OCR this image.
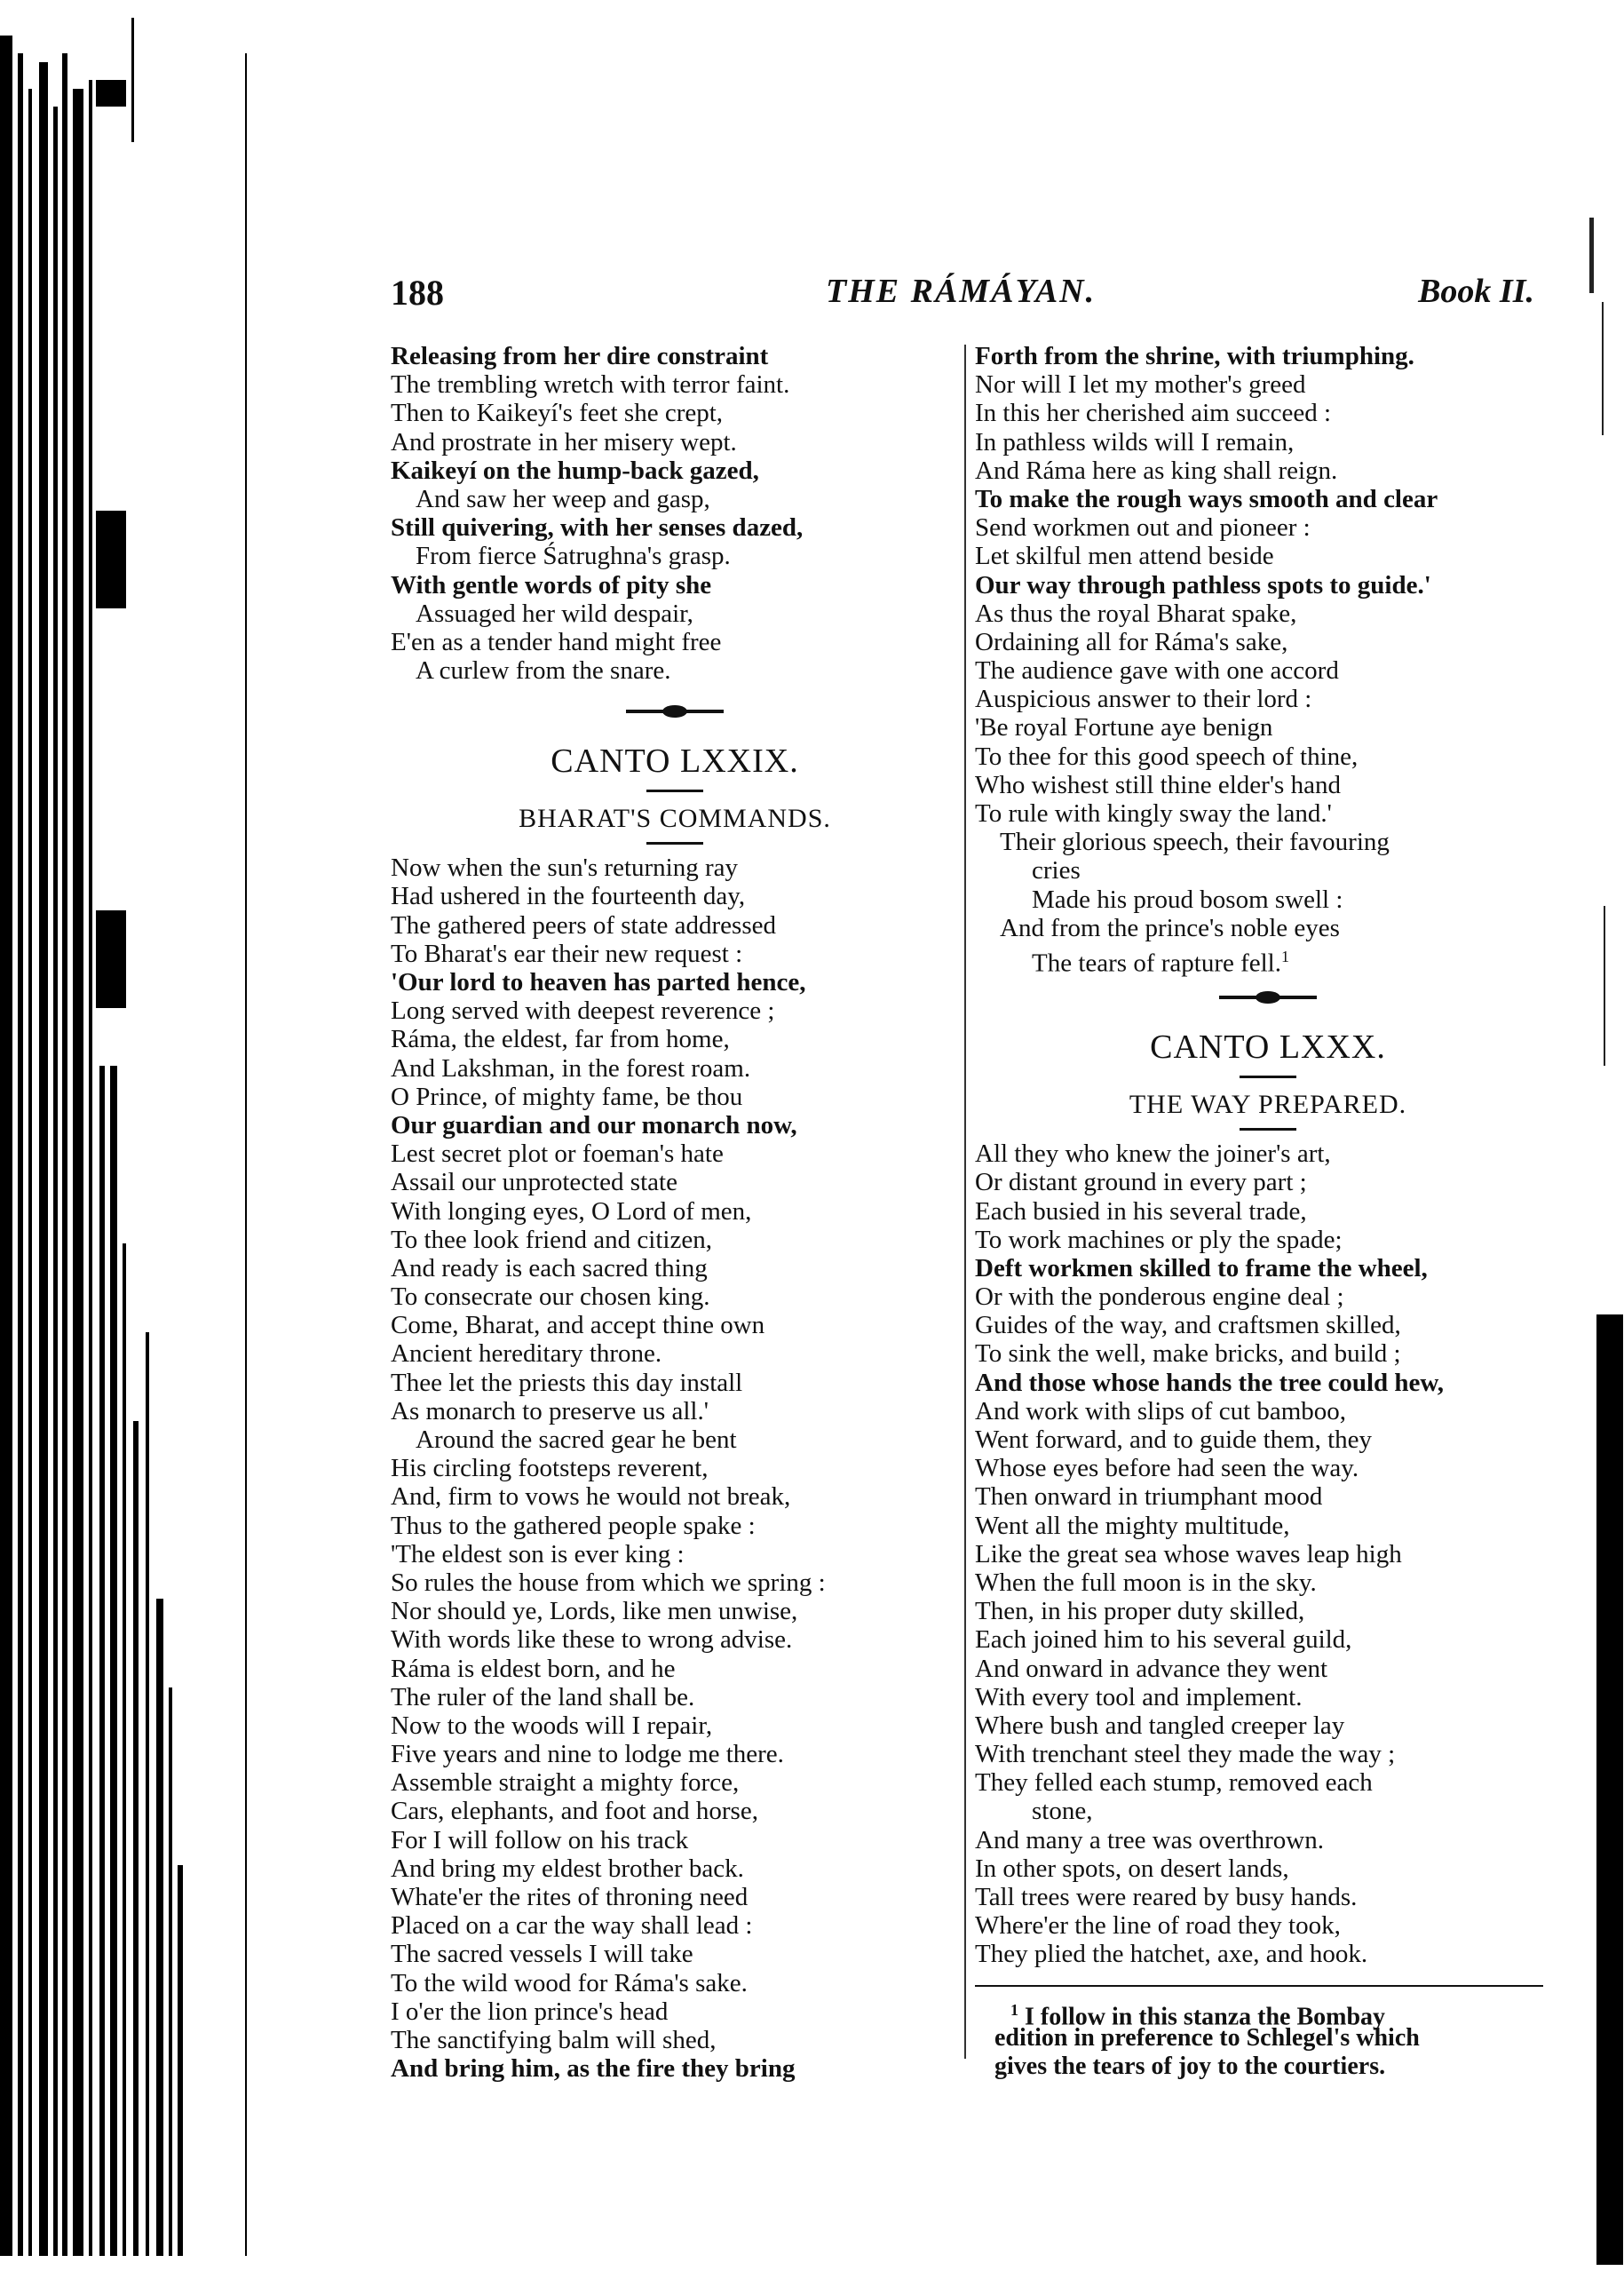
188	THE RÁMÁYAN.	Book II.
Releasing from her dire constraint
The trembling wretch with terror faint.
Then to Kaikeyí's feet she crept,
And prostrate in her misery wept.
Kaikeyí on the hump-back gazed,
And saw her weep and gasp,
Still quivering, with her senses dazed,
From fierce Śatrughna's grasp.
With gentle words of pity she
Assuaged her wild despair,
E'en as a tender hand might free
A curlew from the snare.
CANTO LXXIX.
BHARAT'S COMMANDS.
Now when the sun's returning ray
Had ushered in the fourteenth day,
The gathered peers of state addressed
To Bharat's ear their new request :
'Our lord to heaven has parted hence,
Long served with deepest reverence ;
Ráma, the eldest, far from home,
And Lakshman, in the forest roam.
O Prince, of mighty fame, be thou
Our guardian and our monarch now,
Lest secret plot or foeman's hate
Assail our unprotected state
With longing eyes, O Lord of men,
To thee look friend and citizen,
And ready is each sacred thing
To consecrate our chosen king.
Come, Bharat, and accept thine own
Ancient hereditary throne.
Thee let the priests this day install
As monarch to preserve us all.'
Around the sacred gear he bent
His circling footsteps reverent,
And, firm to vows he would not break,
Thus to the gathered people spake :
'The eldest son is ever king :
So rules the house from which we spring :
Nor should ye, Lords, like men unwise,
With words like these to wrong advise.
Ráma is eldest born, and he
The ruler of the land shall be.
Now to the woods will I repair,
Five years and nine to lodge me there.
Assemble straight a mighty force,
Cars, elephants, and foot and horse,
For I will follow on his track
And bring my eldest brother back.
Whate'er the rites of throning need
Placed on a car the way shall lead :
The sacred vessels I will take
To the wild wood for Ráma's sake.
I o'er the lion prince's head
The sanctifying balm will shed,
And bring him, as the fire they bring
Forth from the shrine, with triumphing.
Nor will I let my mother's greed
In this her cherished aim succeed :
In pathless wilds will I remain,
And Ráma here as king shall reign.
To make the rough ways smooth and clear
Send workmen out and pioneer :
Let skilful men attend beside
Our way through pathless spots to guide.'
As thus the royal Bharat spake,
Ordaining all for Ráma's sake,
The audience gave with one accord
Auspicious answer to their lord :
'Be royal Fortune aye benign
To thee for this good speech of thine,
Who wishest still thine elder's hand
To rule with kingly sway the land.'
Their glorious speech, their favouring
cries
Made his proud bosom swell :
And from the prince's noble eyes
The tears of rapture fell.$^1$
CANTO LXXX.
THE WAY PREPARED.
All they who knew the joiner's art,
Or distant ground in every part ;
Each busied in his several trade,
To work machines or ply the spade;
Deft workmen skilled to frame the wheel,
Or with the ponderous engine deal ;
Guides of the way, and craftsmen skilled,
To sink the well, make bricks, and build ;
And those whose hands the tree could hew,
And work with slips of cut bamboo,
Went forward, and to guide them, they
Whose eyes before had seen the way.
Then onward in triumphant mood
Went all the mighty multitude,
Like the great sea whose waves leap high
When the full moon is in the sky.
Then, in his proper duty skilled,
Each joined him to his several guild,
And onward in advance they went
With every tool and implement.
Where bush and tangled creeper lay
With trenchant steel they made the way ;
They felled each stump, removed each
stone,
And many a tree was overthrown.
In other spots, on desert lands,
Tall trees were reared by busy hands.
Where'er the line of road they took,
They plied the hatchet, axe, and hook.
$^1$ I follow in this stanza the Bombay
edition in preference to Schlegel's which
gives the tears of joy to the courtiers.
